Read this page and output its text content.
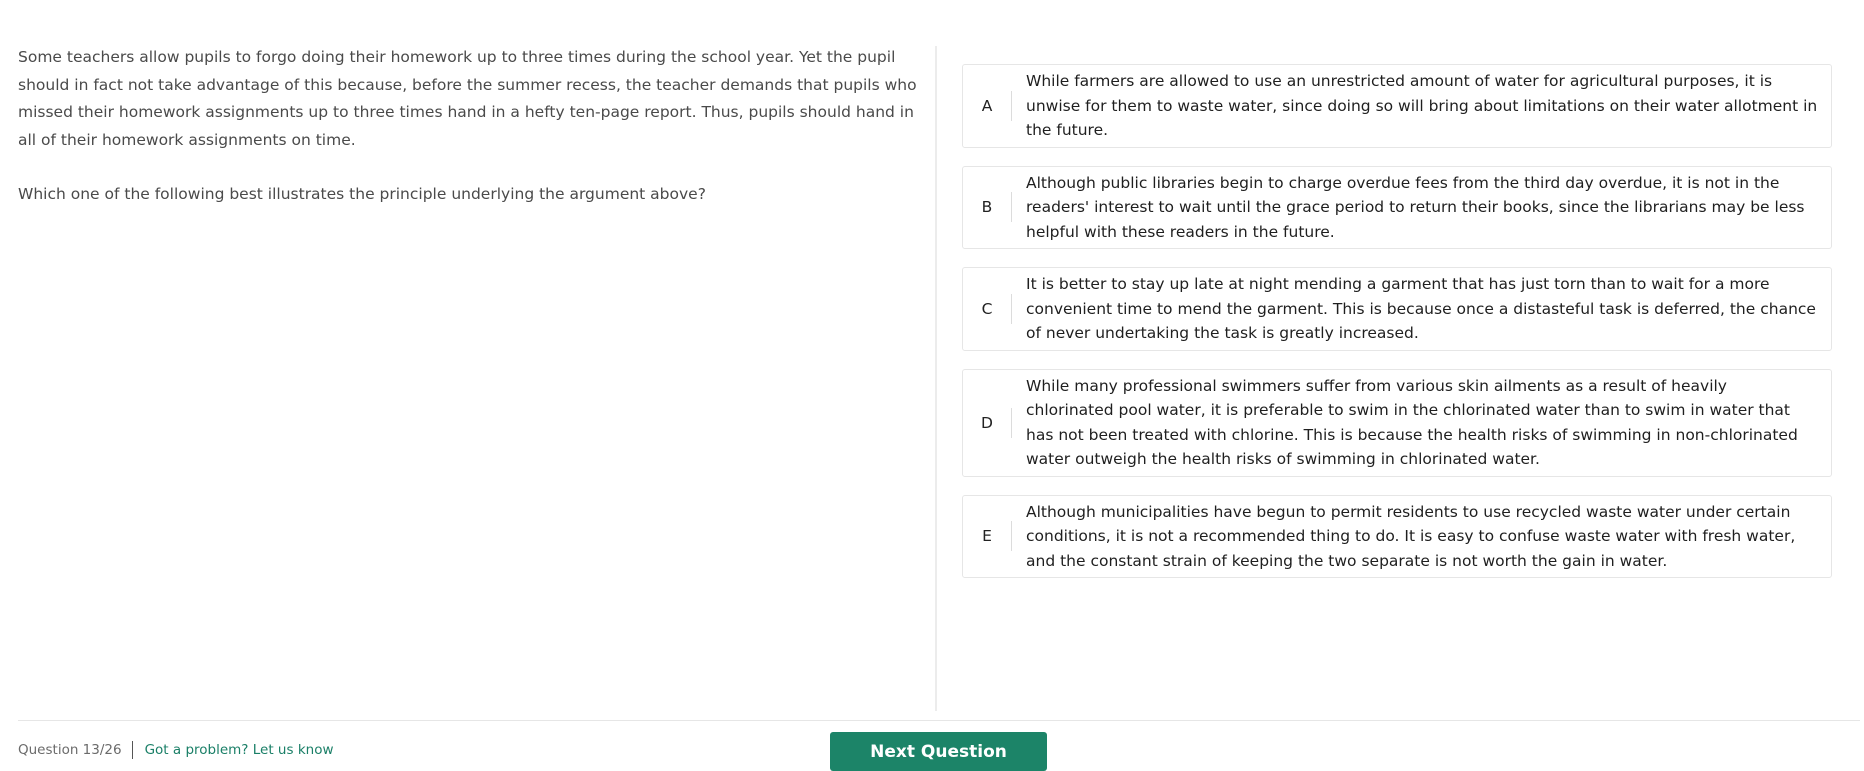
Some teachers allow pupils to forgo doing their homework up to three times during the school year. Yet the pupil should in fact not take advantage of this because, before the summer recess, the teacher demands that pupils who missed their homework assignments up to three times hand in a hefty ten-page report. Thus, pupils should hand in all of their homework assignments on time.

Which one of the following best illustrates the principle underlying the argument above?

A
While farmers are allowed to use an unrestricted amount of water for agricultural purposes, it is unwise for them to waste water, since doing so will bring about limitations on their water allotment in the future.
B
Although public libraries begin to charge overdue fees from the third day overdue, it is not in the readers' interest to wait until the grace period to return their books, since the librarians may be less helpful with these readers in the future.
C
It is better to stay up late at night mending a garment that has just torn than to wait for a more convenient time to mend the garment. This is because once a distasteful task is deferred, the chance of never undertaking the task is greatly increased.
D
While many professional swimmers suffer from various skin ailments as a result of heavily chlorinated pool water, it is preferable to swim in the chlorinated water than to swim in water that has not been treated with chlorine. This is because the health risks of swimming in non-chlorinated water outweigh the health risks of swimming in chlorinated water.
E
Although municipalities have begun to permit residents to use recycled waste water under certain conditions, it is not a recommended thing to do. It is easy to confuse waste water with fresh water, and the constant strain of keeping the two separate is not worth the gain in water.
Question 13/26 Got a problem? Let us know	Next Question
